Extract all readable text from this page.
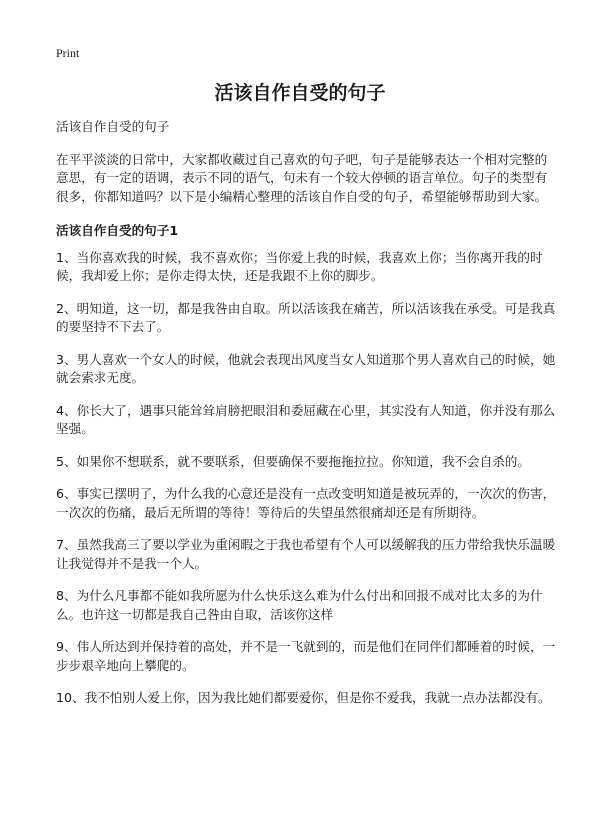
Print
活该自作自受的句子

活该自作自受的句子

在平平淡淡的日常中，大家都收藏过自己喜欢的句子吧，句子是能够表达一个相对完整的意思，有一定的语调，表示不同的语气，句未有一个较大停顿的语言单位。句子的类型有很多，你都知道吗？以下是小编精心整理的活该自作自受的句子，希望能够帮助到大家。

活该自作自受的句子1

1、当你喜欢我的时候，我不喜欢你；当你爱上我的时候，我喜欢上你；当你离开我的时候，我却爱上你；是你走得太快，还是我跟不上你的脚步。

2、明知道，这一切，都是我咎由自取。所以活该我在痛苦，所以活该我在承受。可是我真的要坚持不下去了。

3、男人喜欢一个女人的时候，他就会表现出风度当女人知道那个男人喜欢自己的时候，她就会索求无度。

4、你长大了，遇事只能耸耸肩膀把眼泪和委屈藏在心里，其实没有人知道，你并没有那么坚强。

5、如果你不想联系，就不要联系，但要确保不要拖拖拉拉。你知道，我不会自杀的。

6、事实已摆明了，为什么我的心意还是没有一点改变明知道是被玩弄的，一次次的伤害，一次次的伤痛，最后无所谓的等待！等待后的失望虽然很痛却还是有所期待。

7、虽然我高三了要以学业为重闲暇之于我也希望有个人可以缓解我的压力带给我快乐温暖让我觉得并不是我一个人。

8、为什么凡事都不能如我所愿为什么快乐这么难为什么付出和回报不成对比太多的为什么。也许这一切都是我自己咎由自取，活该你这样

9、伟人所达到并保持着的高处，并不是一飞就到的，而是他们在同伴们都睡着的时候，一步步艰辛地向上攀爬的。

10、我不怕别人爱上你，因为我比她们都要爱你，但是你不爱我，我就一点办法都没有。
